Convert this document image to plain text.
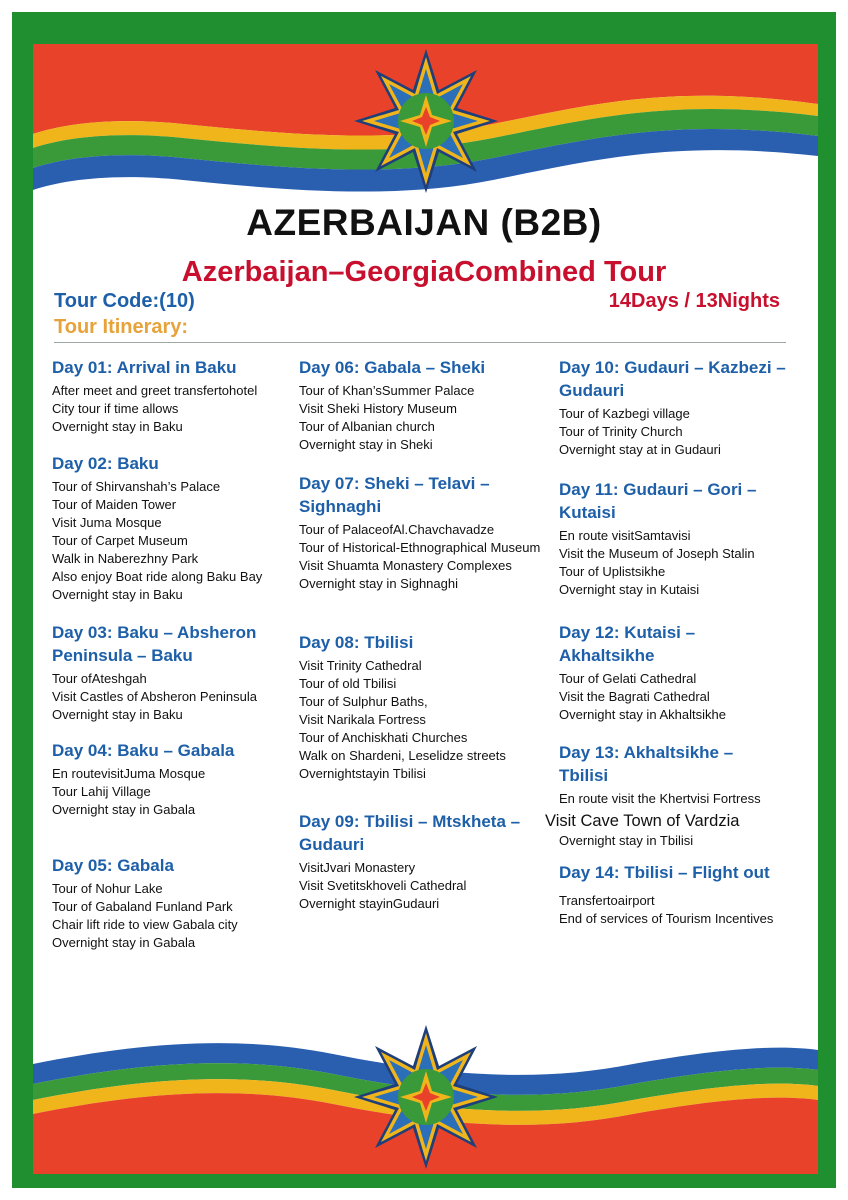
AZERBAIJAN (B2B)
Azerbaijan–GeorgiaCombined Tour
Tour Code:(10)	14Days / 13Nights
Tour Itinerary:
Day 01: Arrival in Baku
After meet and greet transfertohotel
City tour if time allows
Overnight stay in Baku
Day 02: Baku
Tour of Shirvanshah’s Palace
Tour of Maiden Tower
Visit Juma Mosque
Tour of Carpet Museum
Walk in Naberezhny Park
Also enjoy Boat ride along Baku Bay
Overnight stay in Baku
Day 03: Baku – Absheron Peninsula – Baku
Tour ofAteshgah
Visit Castles of Absheron Peninsula
Overnight stay in Baku
Day 04: Baku – Gabala
En routevisitJuma Mosque
Tour Lahij Village
Overnight stay in Gabala
Day 05: Gabala
Tour of Nohur Lake
Tour of Gabaland Funland Park
Chair lift ride to view Gabala city
Overnight stay in Gabala
Day 06: Gabala – Sheki
Tour of Khan’sSummer Palace
Visit Sheki History Museum
Tour of Albanian church
Overnight stay in Sheki
Day 07: Sheki – Telavi – Sighnaghi
Tour of PalaceofAl.Chavchavadze
Tour of Historical-Ethnographical Museum
Visit Shuamta Monastery Complexes
Overnight stay in Sighnaghi
Day 08: Tbilisi
Visit Trinity Cathedral
Tour of old Tbilisi
Tour of Sulphur Baths,
Visit Narikala Fortress
Tour of Anchiskhati Churches
Walk on Shardeni, Leselidze streets
Overnightstayin Tbilisi
Day 09: Tbilisi – Mtskheta – Gudauri
VisitJvari Monastery
Visit Svetitskhoveli Cathedral
Overnight stayinGudauri
Day 10: Gudauri – Kazbezi – Gudauri
Tour of Kazbegi village
Tour of Trinity Church
Overnight stay at in Gudauri
Day 11: Gudauri – Gori – Kutaisi
En route visitSamtavisi
Visit the Museum of Joseph Stalin
Tour of Uplistsikhe
Overnight stay in Kutaisi
Day 12: Kutaisi – Akhaltsikhe
Tour of Gelati Cathedral
Visit the Bagrati Cathedral
Overnight stay in Akhaltsikhe
Day 13: Akhaltsikhe – Tbilisi
En route visit the Khertvisi Fortress
Visit Cave Town of Vardzia
Overnight stay in Tbilisi
Day 14: Tbilisi – Flight out
Transfertoairport
End of services of Tourism Incentives
